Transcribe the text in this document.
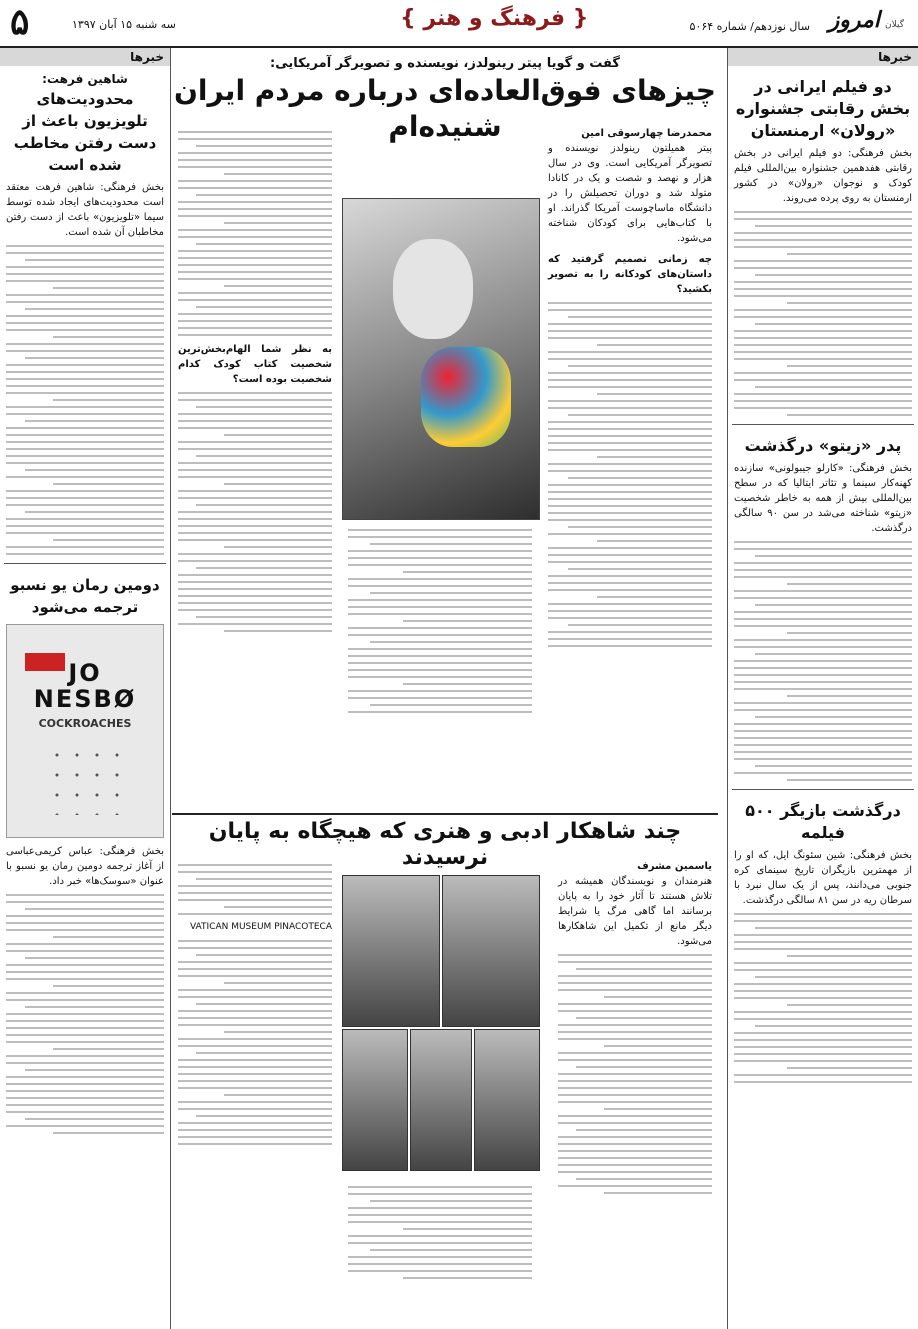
۵	سه شنبه ۱۵ آبان ۱۳۹۷	{ فرهنگ و هنر }	سال نوزدهم/ شماره ۵۰۶۴	گیلان امروز
خبرها
دو فیلم ایرانی در بخش رقابتی جشنواره «رولان» ارمنستان

بخش فرهنگی: دو فیلم ایرانی در بخش رقابتی هفدهمین جشنواره بین‌المللی فیلم کودک و نوجوان «رولان» در کشور ارمنستان به روی پرده می‌روند.

پدر «زیتو» درگذشت

بخش فرهنگی: «کارلو جیبولونی» سازنده کهنه‌کار سینما و تئاتر ایتالیا که در سطح بین‌المللی بیش از همه به خاطر شخصیت «زیتو» شناخته می‌شد در سن ۹۰ سالگی درگذشت.

درگذشت بازیگر ۵۰۰ فیلمه

بخش فرهنگی: شین سئونگ ایل، که او را از مهمترین بازیگران تاریخ سینمای کره جنوبی می‌دانند، پس از یک سال نبرد با سرطان ریه در سن ۸۱ سالگی درگذشت.

گفت و گویا پیتر رینولدز، نویسنده و تصویرگر آمریکایی:

چیزهای فوق‌العاده‌ای درباره مردم ایران شنیده‌ام	محمدرضا چهارسوقی امین

پیتر همیلتون رینولدز نویسنده و تصویرگر آمریکایی است. وی در سال هزار و نهصد و شصت و یک در کانادا متولد شد و دوران تحصیلش را در دانشگاه ماساچوست آمریکا گذراند. او با کتاب‌هایی برای کودکان شناخته می‌شود.

چه زمانی تصمیم گرفتید که داستان‌های کودکانه را به تصویر بکشید؟

به نظر شما الهام‌بخش‌ترین شخصیت کتاب کودک کدام شخصیت بوده است؟

چند شاهکار ادبی و هنری که هیچگاه به پایان نرسیدند	یاسمین مشرف

هنرمندان و نویسندگان همیشه در تلاش هستند تا آثار خود را به پایان برسانند اما گاهی مرگ یا شرایط دیگر مانع از تکمیل این شاهکارها می‌شود.

VATICAN MUSEUM PINACOTECA

خبرها

شاهین فرهت:

محدودیت‌های تلویزیون باعث از دست رفتن مخاطب شده است

بخش فرهنگی: شاهین فرهت معتقد است محدودیت‌های ایجاد شده توسط سیما «تلویزیون» باعث از دست رفتن مخاطبان آن شده است.

دومین رمان یو نسبو ترجمه می‌شود
JO
NESBØ
COCKROACHES

بخش فرهنگی: عباس کریمی‌عباسی از آغاز ترجمه دومین رمان یو نسبو با عنوان «سوسک‌ها» خبر داد.
